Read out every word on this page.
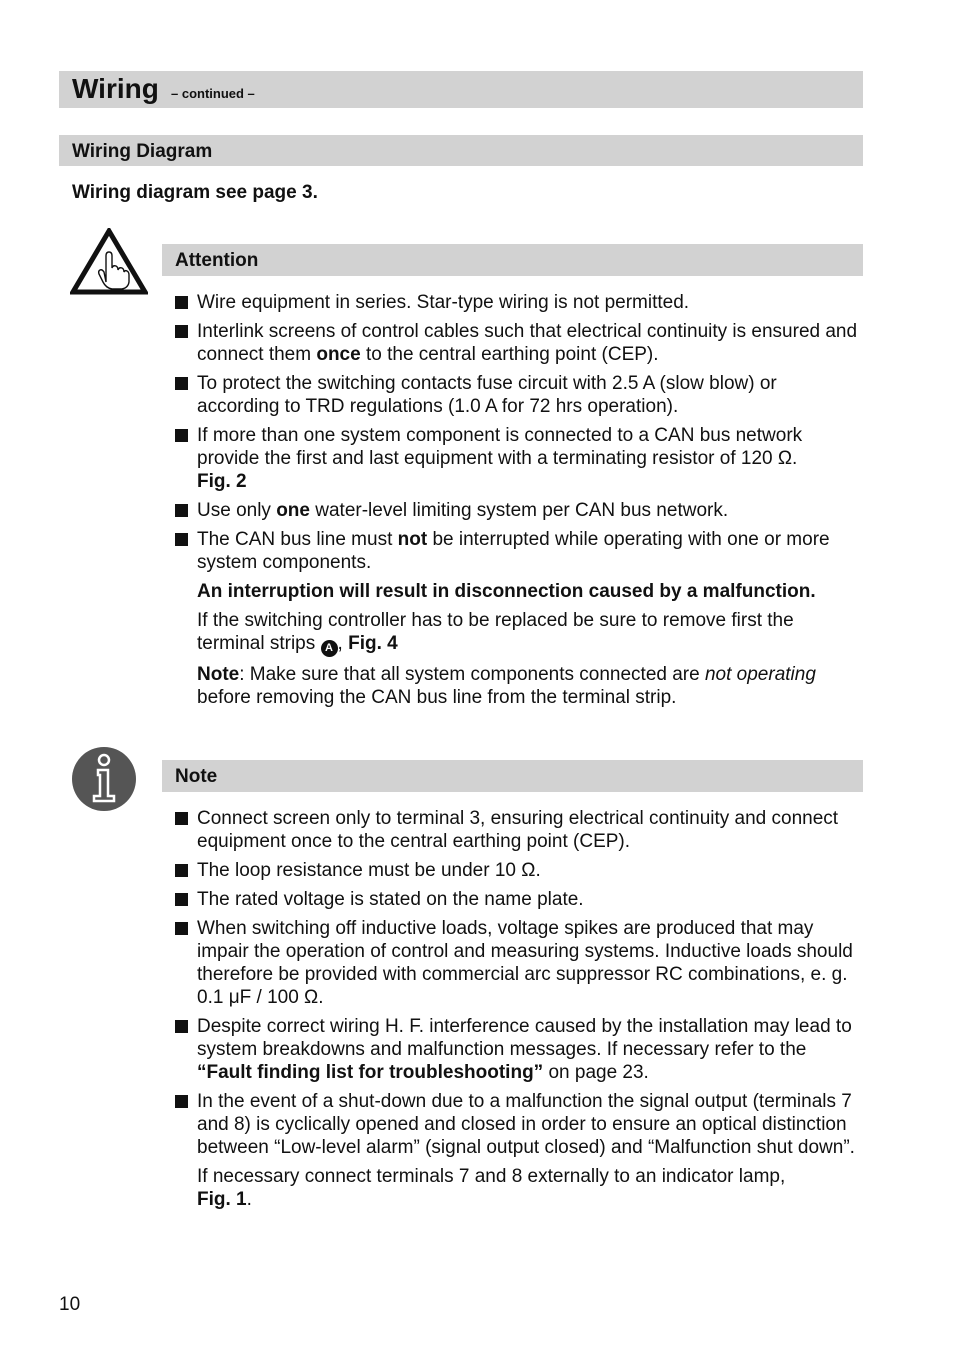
Wiring – continued –
Wiring Diagram
Wiring diagram see page 3.
Attention
Wire equipment in series. Star-type wiring is not permitted.
Interlink screens of control cables such that electrical continuity is ensured and connect them once to the central earthing point (CEP).
To protect the switching contacts fuse circuit with 2.5 A (slow blow) or according to TRD regulations (1.0 A for 72 hrs operation).
If more than one system component is connected to a CAN bus network provide the first and last equipment with a terminating resistor of 120 Ω.
Fig. 2
Use only one water-level limiting system per CAN bus network.
The CAN bus line must not be interrupted while operating with one or more system components.
An interruption will result in disconnection caused by a malfunction.
If the switching controller has to be replaced be sure to remove first the terminal strips A , Fig. 4
Note: Make sure that all system components connected are not operating before removing the CAN bus line from the terminal strip.
Note
Connect screen only to terminal 3, ensuring electrical continuity and connect equipment once to the central earthing point (CEP).
The loop resistance must be under 10 Ω.
The rated voltage is stated on the name plate.
When switching off inductive loads, voltage spikes are produced that may impair the operation of control and measuring systems. Inductive loads should therefore be provided with commercial arc suppressor RC combinations, e. g. 0.1 μF / 100 Ω.
Despite correct wiring H. F. interference caused by the installation may lead to system breakdowns and malfunction messages. If necessary refer to the “Fault finding list for troubleshooting” on page 23.
In the event of a shut-down due to a malfunction the signal output (terminals 7 and 8) is cyclically opened and closed in order to ensure an optical distinction between “Low-level alarm” (signal output closed) and “Malfunction shut down”.
If necessary connect terminals 7 and 8 externally to an indicator lamp,
Fig. 1.
10
